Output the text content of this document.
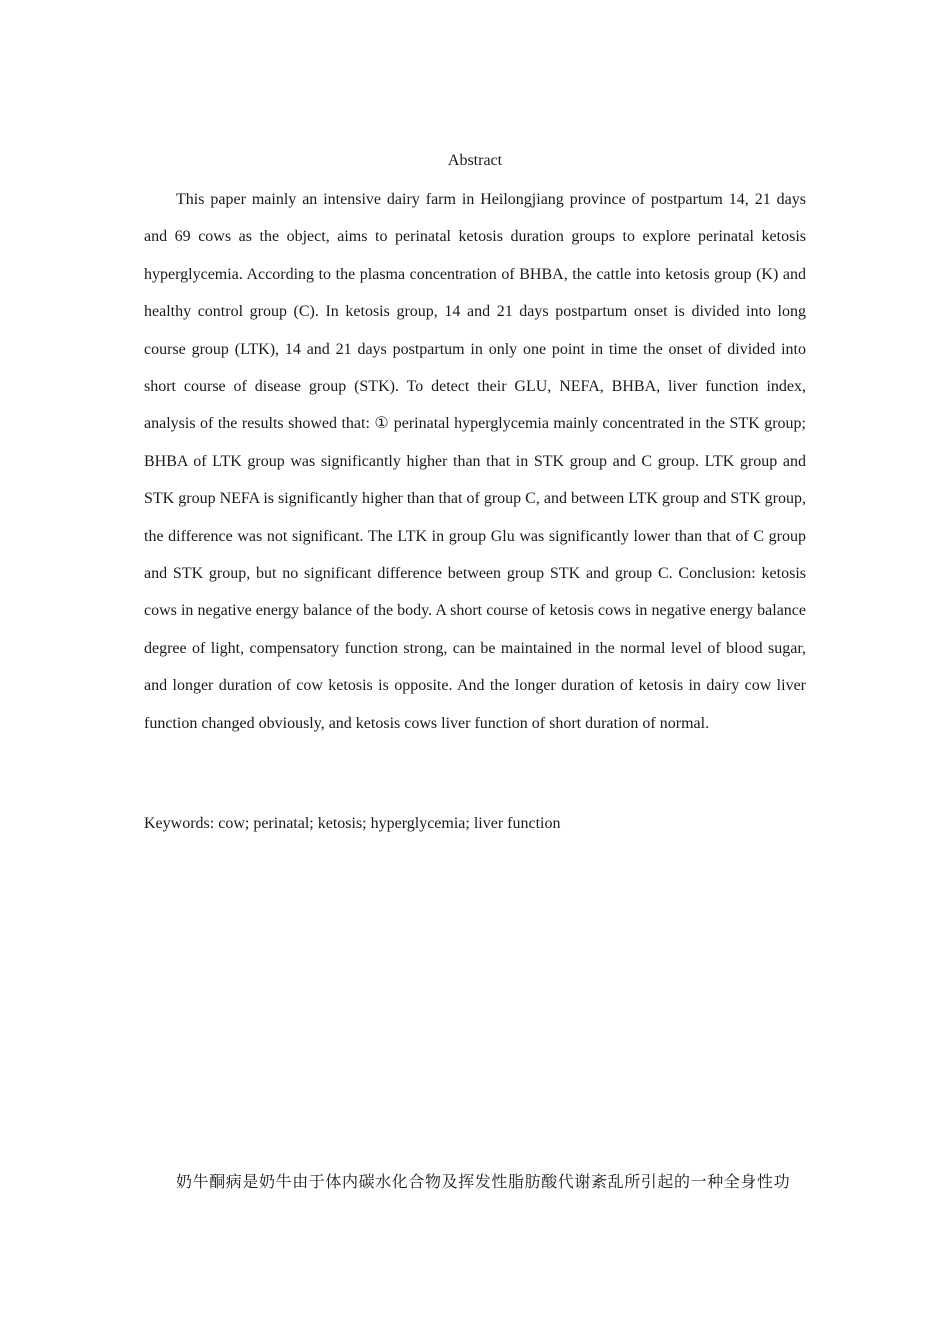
Abstract

This paper mainly an intensive dairy farm in Heilongjiang province of postpartum 14, 21 days and 69 cows as the object, aims to perinatal ketosis duration groups to explore perinatal ketosis hyperglycemia. According to the plasma concentration of BHBA, the cattle into ketosis group (K) and healthy control group (C). In ketosis group, 14 and 21 days postpartum onset is divided into long course group (LTK), 14 and 21 days postpartum in only one point in time the onset of divided into short course of disease group (STK). To detect their GLU, NEFA, BHBA, liver function index, analysis of the results showed that: ① perinatal hyperglycemia mainly concentrated in the STK group; BHBA of LTK group was significantly higher than that in STK group and C group. LTK group and STK group NEFA is significantly higher than that of group C, and between LTK group and STK group, the difference was not significant. The LTK in group Glu was significantly lower than that of C group and STK group, but no significant difference between group STK and group C. Conclusion: ketosis cows in negative energy balance of the body. A short course of ketosis cows in negative energy balance degree of light, compensatory function strong, can be maintained in the normal level of blood sugar, and longer duration of cow ketosis is opposite. And the longer duration of ketosis in dairy cow liver function changed obviously, and ketosis cows liver function of short duration of normal.

Keywords: cow; perinatal; ketosis; hyperglycemia; liver function

奶牛酮病是奶牛由于体内碳水化合物及挥发性脂肪酸代谢紊乱所引起的一种全身性功
